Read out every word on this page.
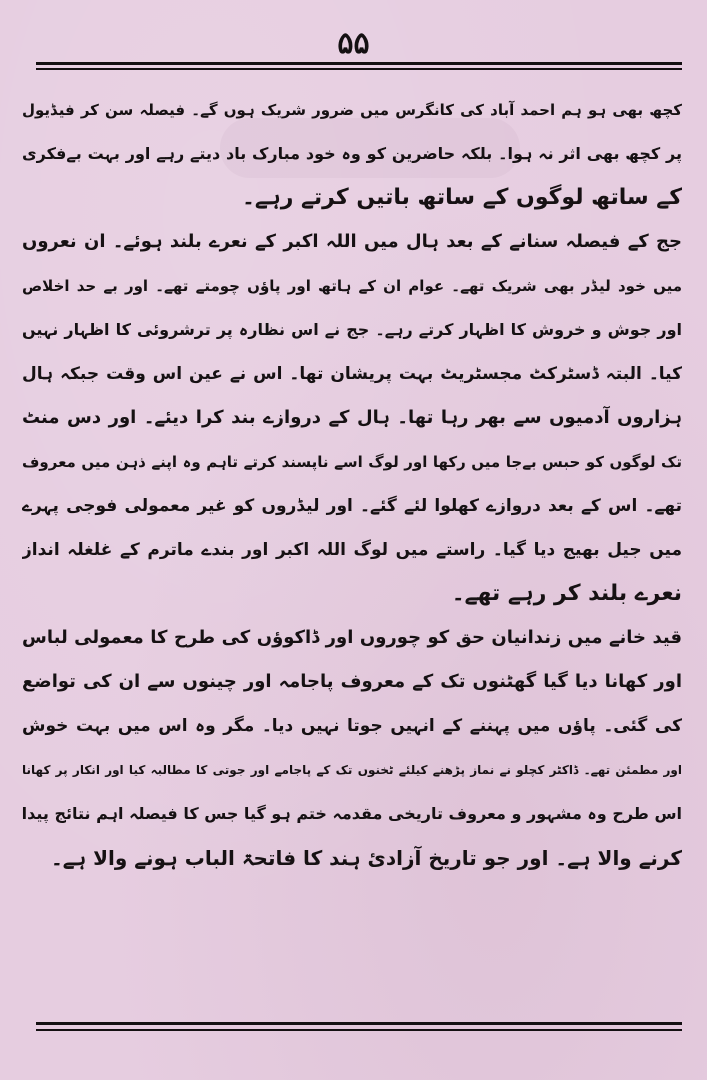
۵۵
کچھ بھی ہو ہم احمد آباد کی کانگرس میں ضرور شریک ہوں گے۔ فیصلہ سن کر فیڈیول
پر کچھ بھی اثر نہ ہوا۔ بلکہ حاضرین کو وہ خود مبارک باد دیتے رہے اور بہت بےفکری
کے ساتھ لوگوں کے ساتھ باتیں کرتے رہے۔
جج کے فیصلہ سنانے کے بعد ہال میں اللہ اکبر کے نعرے بلند ہوئے۔ ان نعروں
میں خود لیڈر بھی شریک تھے۔ عوام ان کے ہاتھ اور پاؤں چومتے تھے۔ اور بے حد اخلاص
اور جوش و خروش کا اظہار کرتے رہے۔ جج نے اس نظارہ پر ترشروئی کا اظہار نہیں
کیا۔ البتہ ڈسٹرکٹ مجسٹریٹ بہت پریشان تھا۔ اس نے عین اس وقت جبکہ ہال
ہزاروں آدمیوں سے بھر رہا تھا۔ ہال کے دروازے بند کرا دیئے۔ اور دس منٹ
تک لوگوں کو حبس بےجا میں رکھا اور لوگ اسے ناپسند کرتے تاہم وہ اپنے ذہن میں معروف
تھے۔ اس کے بعد دروازے کھلوا لئے گئے۔ اور لیڈروں کو غیر معمولی فوجی پہرے
میں جیل بھیج دیا گیا۔ راستے میں لوگ اللہ اکبر اور بندے ماترم کے غلغلہ انداز
نعرے بلند کر رہے تھے۔
قید خانے میں زندانیان حق کو چوروں اور ڈاکوؤں کی طرح کا معمولی لباس
اور کھانا دیا گیا گھٹنوں تک کے معروف پاجامہ اور چینوں سے ان کی تواضع
کی گئی۔ پاؤں میں پہننے کے انہیں جوتا نہیں دیا۔ مگر وہ اس میں بہت خوش
اور مطمئن تھے۔ ڈاکٹر کچلو نے نماز پڑھنے کیلئے ٹخنوں تک کے پاجامے اور جوتی کا مطالبہ کیا اور انکار پر کھانا
اس طرح وہ مشہور و معروف تاریخی مقدمہ ختم ہو گیا جس کا فیصلہ اہم نتائج پیدا
کرنے والا ہے۔ اور جو تاریخ آزادیٔ ہند کا فاتحۃ الباب ہونے والا ہے۔
